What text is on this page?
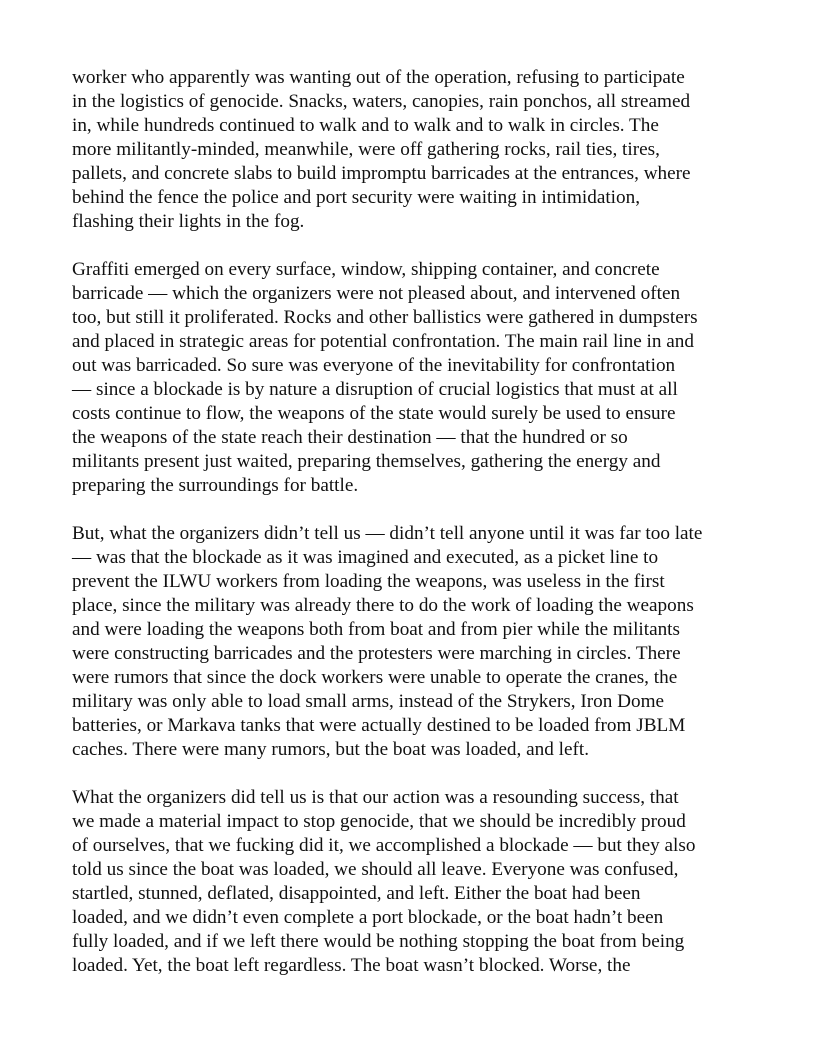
worker who apparently was wanting out of the operation, refusing to participate
in the logistics of genocide. Snacks, waters, canopies, rain ponchos, all streamed
in, while hundreds continued to walk and to walk and to walk in circles. The
more militantly-minded, meanwhile, were off gathering rocks, rail ties, tires,
pallets, and concrete slabs to build impromptu barricades at the entrances, where
behind the fence the police and port security were waiting in intimidation,
flashing their lights in the fog.

Graffiti emerged on every surface, window, shipping container, and concrete
barricade — which the organizers were not pleased about, and intervened often
too, but still it proliferated. Rocks and other ballistics were gathered in dumpsters
and placed in strategic areas for potential confrontation. The main rail line in and
out was barricaded. So sure was everyone of the inevitability for confrontation
— since a blockade is by nature a disruption of crucial logistics that must at all
costs continue to flow, the weapons of the state would surely be used to ensure
the weapons of the state reach their destination — that the hundred or so
militants present just waited, preparing themselves, gathering the energy and
preparing the surroundings for battle.

But, what the organizers didn’t tell us — didn’t tell anyone until it was far too late
— was that the blockade as it was imagined and executed, as a picket line to
prevent the ILWU workers from loading the weapons, was useless in the first
place, since the military was already there to do the work of loading the weapons
and were loading the weapons both from boat and from pier while the militants
were constructing barricades and the protesters were marching in circles. There
were rumors that since the dock workers were unable to operate the cranes, the
military was only able to load small arms, instead of the Strykers, Iron Dome
batteries, or Markava tanks that were actually destined to be loaded from JBLM
caches. There were many rumors, but the boat was loaded, and left.

What the organizers did tell us is that our action was a resounding success, that
we made a material impact to stop genocide, that we should be incredibly proud
of ourselves, that we fucking did it, we accomplished a blockade — but they also
told us since the boat was loaded, we should all leave. Everyone was confused,
startled, stunned, deflated, disappointed, and left. Either the boat had been
loaded, and we didn’t even complete a port blockade, or the boat hadn’t been
fully loaded, and if we left there would be nothing stopping the boat from being
loaded. Yet, the boat left regardless. The boat wasn’t blocked. Worse, the
